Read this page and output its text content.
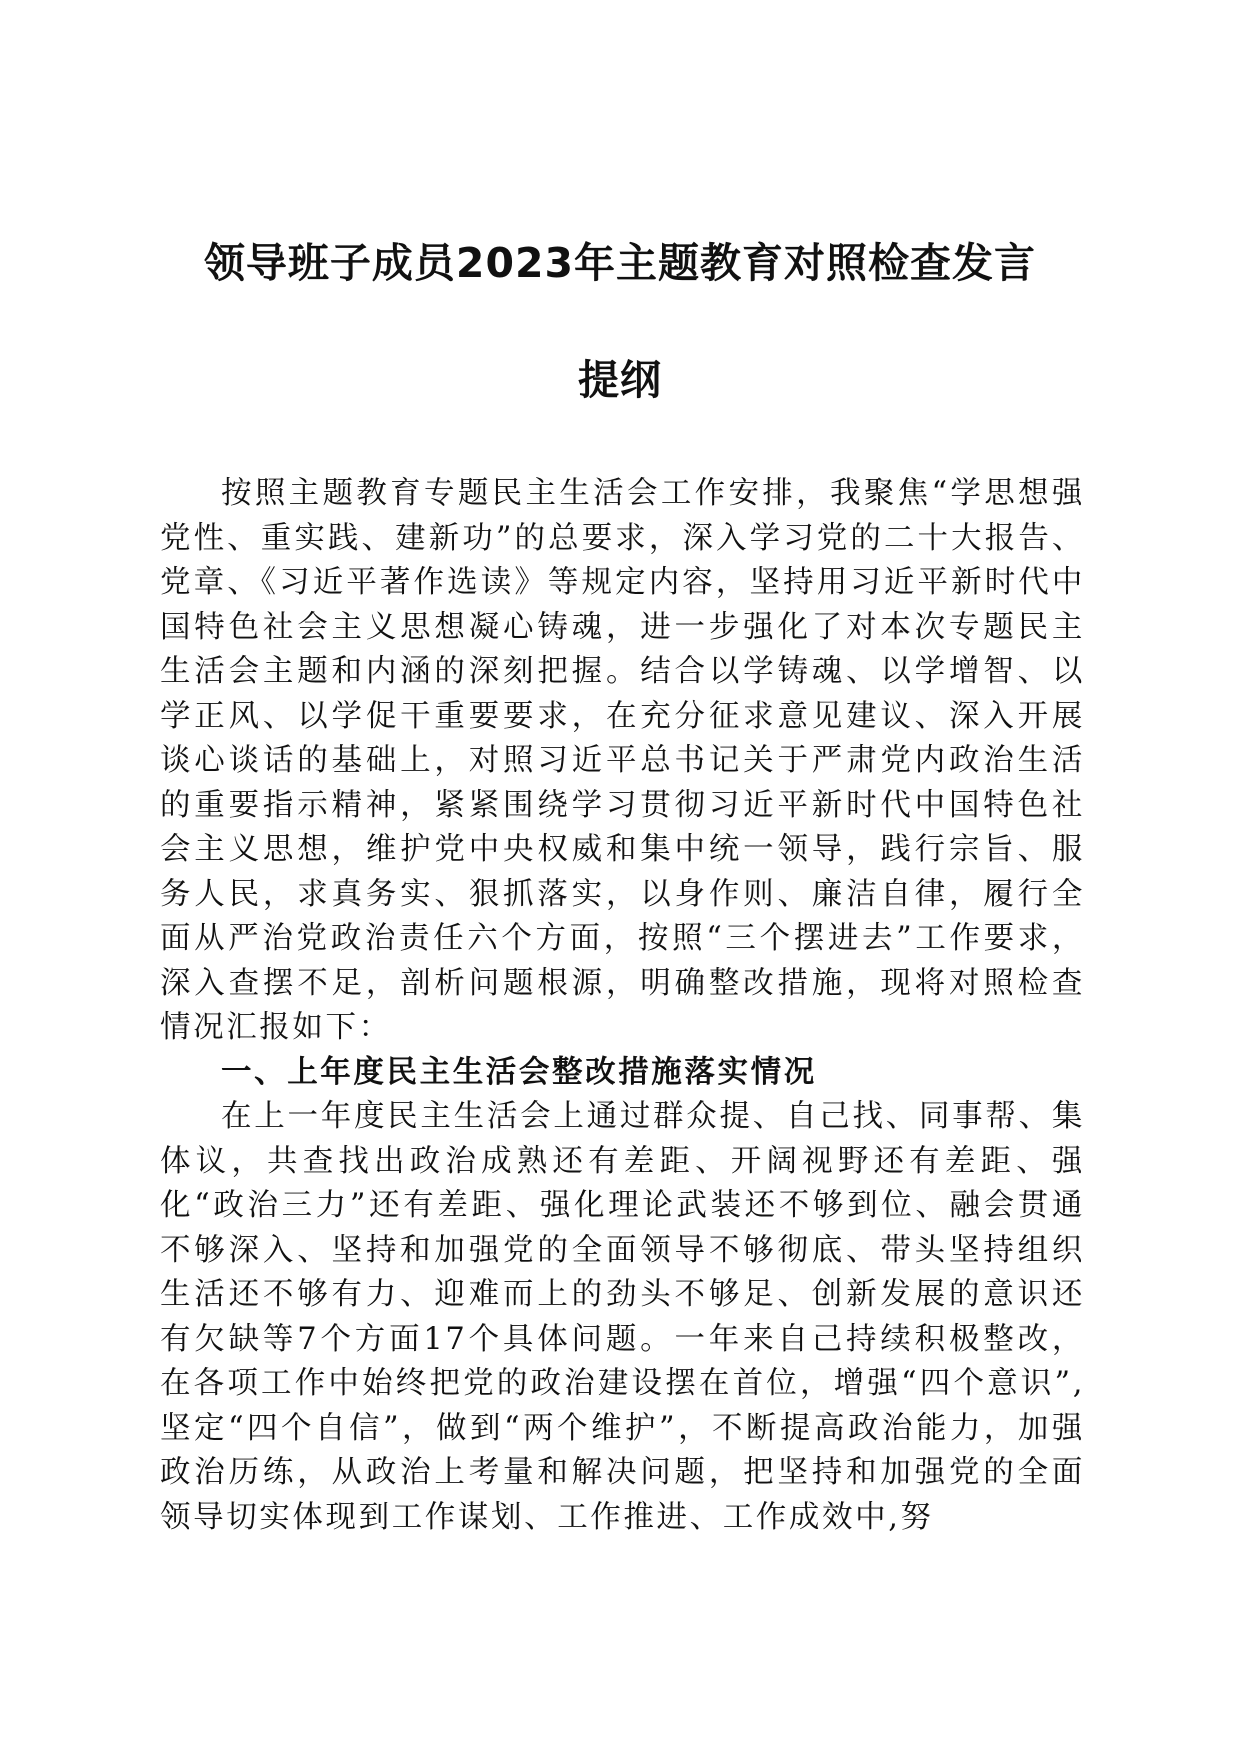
领导班子成员2023年主题教育对照检查发言
提纲

按照主题教育专题民主生活会工作安排，我聚焦“学思想强党性、重实践、建新功”的总要求，深入学习党的二十大报告、党章、《习近平著作选读》等规定内容，坚持用习近平新时代中国特色社会主义思想凝心铸魂，进一步强化了对本次专题民主生活会主题和内涵的深刻把握。结合以学铸魂、以学增智、以学正风、以学促干重要要求，在充分征求意见建议、深入开展谈心谈话的基础上，对照习近平总书记关于严肃党内政治生活的重要指示精神，紧紧围绕学习贯彻习近平新时代中国特色社会主义思想，维护党中央权威和集中统一领导，践行宗旨、服务人民，求真务实、狠抓落实，以身作则、廉洁自律，履行全面从严治党政治责任六个方面，按照“三个摆进去”工作要求，深入查摆不足，剖析问题根源，明确整改措施，现将对照检查情况汇报如下：

一、上年度民主生活会整改措施落实情况

在上一年度民主生活会上通过群众提、自己找、同事帮、集体议，共查找出政治成熟还有差距、开阔视野还有差距、强化“政治三力”还有差距、强化理论武装还不够到位、融会贯通不够深入、坚持和加强党的全面领导不够彻底、带头坚持组织生活还不够有力、迎难而上的劲头不够足、创新发展的意识还有欠缺等7个方面17个具体问题。一年来自己持续积极整改，在各项工作中始终把党的政治建设摆在首位，增强“四个意识”,坚定“四个自信”，做到“两个维护”，不断提高政治能力，加强政治历练，从政治上考量和解决问题，把坚持和加强党的全面领导切实体现到工作谋划、工作推进、工作成效中,努
